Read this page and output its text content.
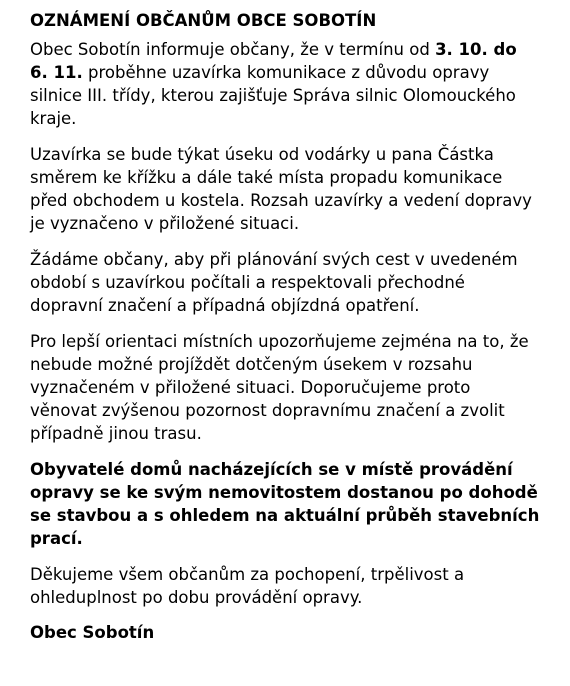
OZNÁMENÍ OBČANŮM OBCE SOBOTÍN

Obec Sobotín informuje občany, že v termínu od 3. 10. do 6. 11. proběhne uzavírka komunikace z důvodu opravy silnice III. třídy, kterou zajišťuje Správa silnic Olomouckého kraje.

Uzavírka se bude týkat úseku od vodárky u pana Částka směrem ke křížku a dále také místa propadu komunikace před obchodem u kostela. Rozsah uzavírky a vedení dopravy je vyznačeno v přiložené situaci.

Žádáme občany, aby při plánování svých cest v uvedeném období s uzavírkou počítali a respektovali přechodné dopravní značení a případná objízdná opatření.

Pro lepší orientaci místních upozorňujeme zejména na to, že nebude možné projíždět dotčeným úsekem v rozsahu vyznačeném v přiložené situaci. Doporučujeme proto věnovat zvýšenou pozornost dopravnímu značení a zvolit případně jinou trasu.

Obyvatelé domů nacházejících se v místě provádění opravy se ke svým nemovitostem dostanou po dohodě se stavbou a s ohledem na aktuální průběh stavebních prací.

Děkujeme všem občanům za pochopení, trpělivost a ohleduplnost po dobu provádění opravy.

Obec Sobotín
